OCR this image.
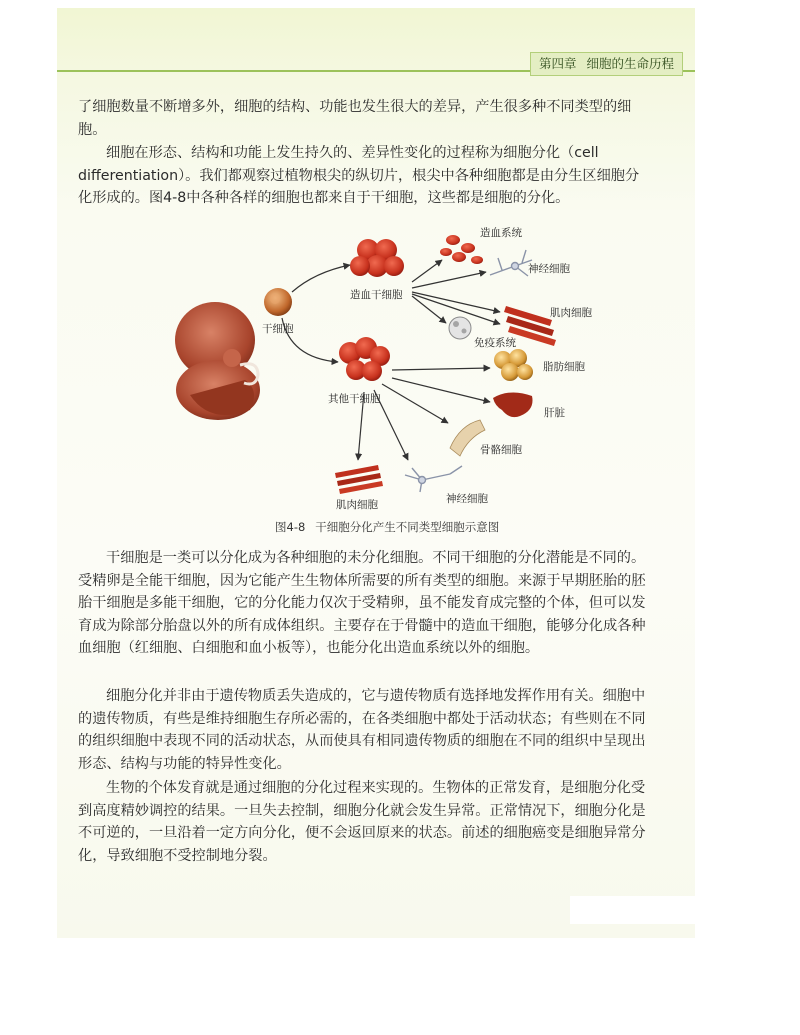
第四章 细胞的生命历程

了细胞数量不断增多外，细胞的结构、功能也发生很大的差异，产生很多种不同类型的细胞。

细胞在形态、结构和功能上发生持久的、差异性变化的过程称为细胞分化（cell differentiation）。我们都观察过植物根尖的纵切片，根尖中各种细胞都是由分生区细胞分化形成的。图4-8中各种各样的细胞也都来自于干细胞，这些都是细胞的分化。

干细胞
造血干细胞
其他干细胞
造血系统
神经细胞
肌肉细胞
免疫系统
脂肪细胞
肝脏
骨骼细胞
肌肉细胞	神经细胞
图4-8 干细胞分化产生不同类型细胞示意图

干细胞是一类可以分化成为各种细胞的未分化细胞。不同干细胞的分化潜能是不同的。受精卵是全能干细胞，因为它能产生生物体所需要的所有类型的细胞。来源于早期胚胎的胚胎干细胞是多能干细胞，它的分化能力仅次于受精卵，虽不能发育成完整的个体，但可以发育成为除部分胎盘以外的所有成体组织。主要存在于骨髓中的造血干细胞，能够分化成各种血细胞（红细胞、白细胞和血小板等），也能分化出造血系统以外的细胞。

细胞分化并非由于遗传物质丢失造成的，它与遗传物质有选择地发挥作用有关。细胞中的遗传物质，有些是维持细胞生存所必需的，在各类细胞中都处于活动状态；有些则在不同的组织细胞中表现不同的活动状态，从而使具有相同遗传物质的细胞在不同的组织中呈现出形态、结构与功能的特异性变化。

生物的个体发育就是通过细胞的分化过程来实现的。生物体的正常发育，是细胞分化受到高度精妙调控的结果。一旦失去控制，细胞分化就会发生异常。正常情况下，细胞分化是不可逆的，一旦沿着一定方向分化，便不会返回原来的状态。前述的细胞癌变是细胞异常分化，导致细胞不受控制地分裂。
